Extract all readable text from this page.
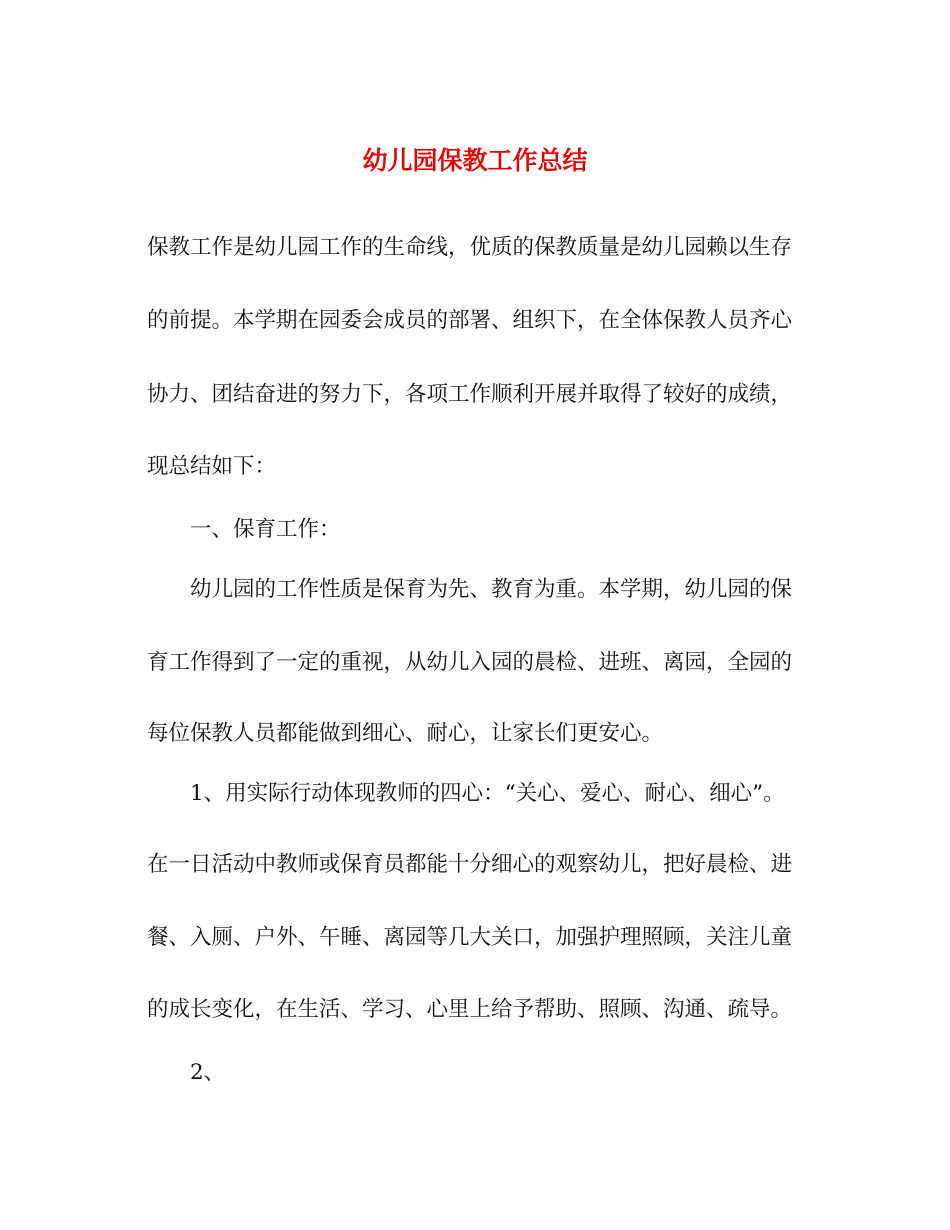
幼儿园保教工作总结

保教工作是幼儿园工作的生命线，优质的保教质量是幼儿园赖以生存

的前提。本学期在园委会成员的部署、组织下，在全体保教人员齐心

协力、团结奋进的努力下，各项工作顺利开展并取得了较好的成绩，

现总结如下：

一、保育工作：

幼儿园的工作性质是保育为先、教育为重。本学期，幼儿园的保

育工作得到了一定的重视，从幼儿入园的晨检、进班、离园，全园的

每位保教人员都能做到细心、耐心，让家长们更安心。

1、用实际行动体现教师的四心：“关心、爱心、耐心、细心”。

在一日活动中教师或保育员都能十分细心的观察幼儿，把好晨检、进

餐、入厕、户外、午睡、离园等几大关口，加强护理照顾，关注儿童

的成长变化，在生活、学习、心里上给予帮助、照顾、沟通、疏导。

2、
